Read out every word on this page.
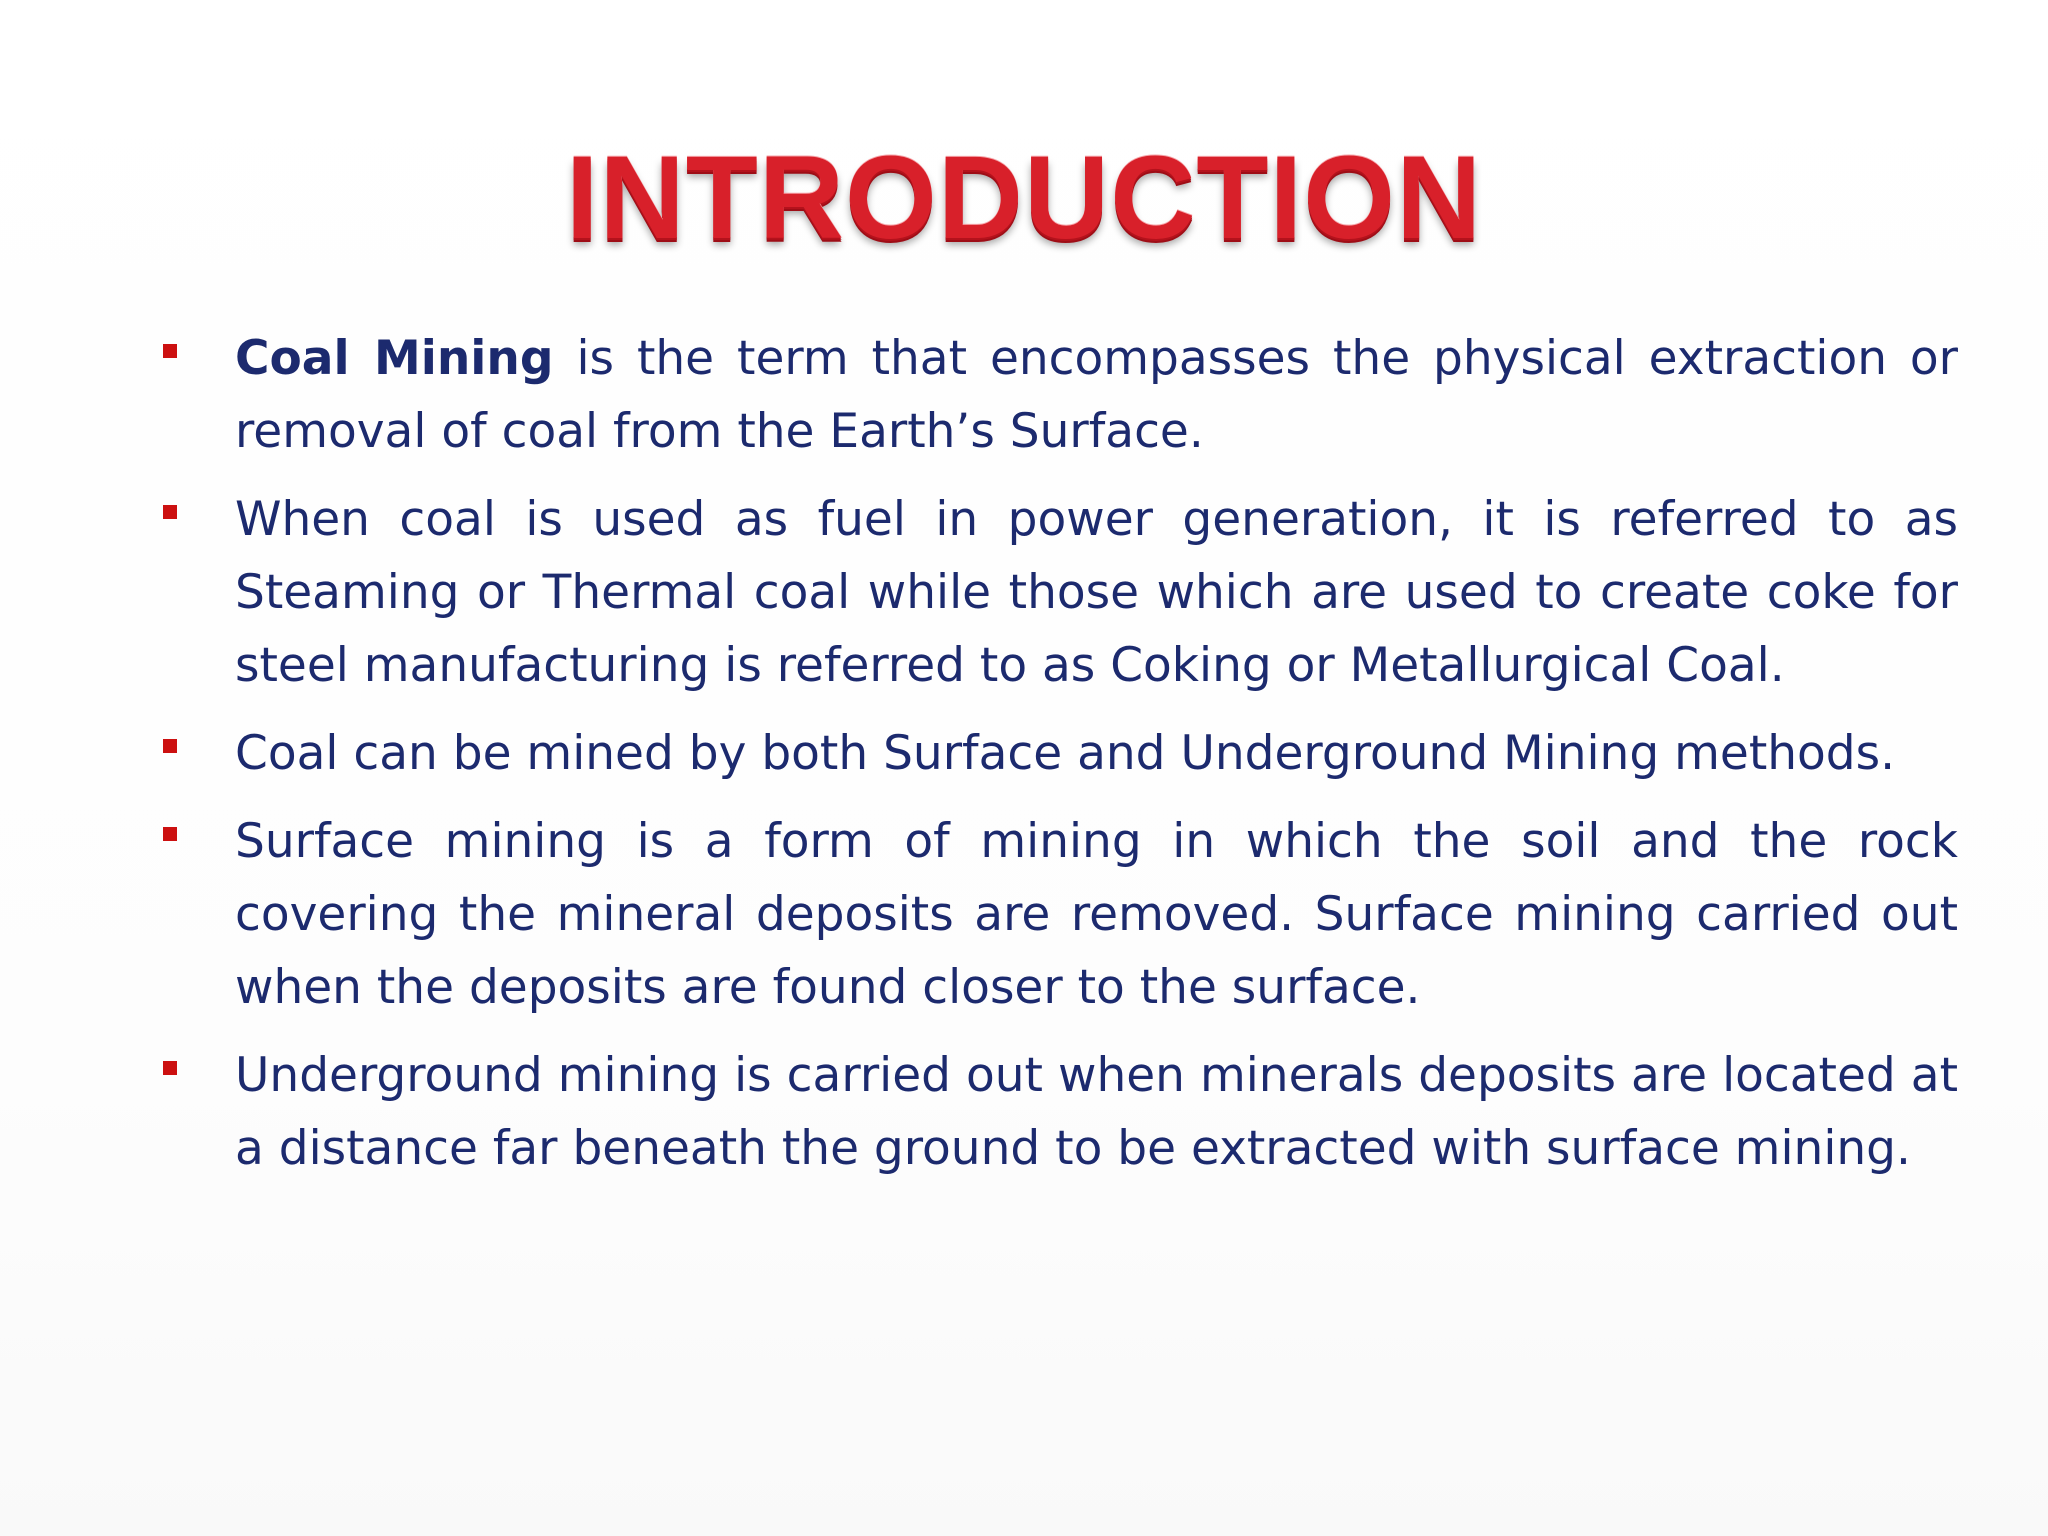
INTRODUCTION
Coal Mining is the term that encompasses the physical extraction or removal of coal from the Earth’s Surface.
When coal is used as fuel in power generation, it is referred to as Steaming or Thermal coal while those which are used to create coke for steel manufacturing is referred to as Coking or Metallurgical Coal.
Coal can be mined by both Surface and Underground Mining methods.
Surface mining is a form of mining in which the soil and the rock covering the mineral deposits are removed. Surface mining carried out when the deposits are found closer to the surface.
Underground mining is carried out when minerals deposits are located at a distance far beneath the ground to be extracted with surface mining.
